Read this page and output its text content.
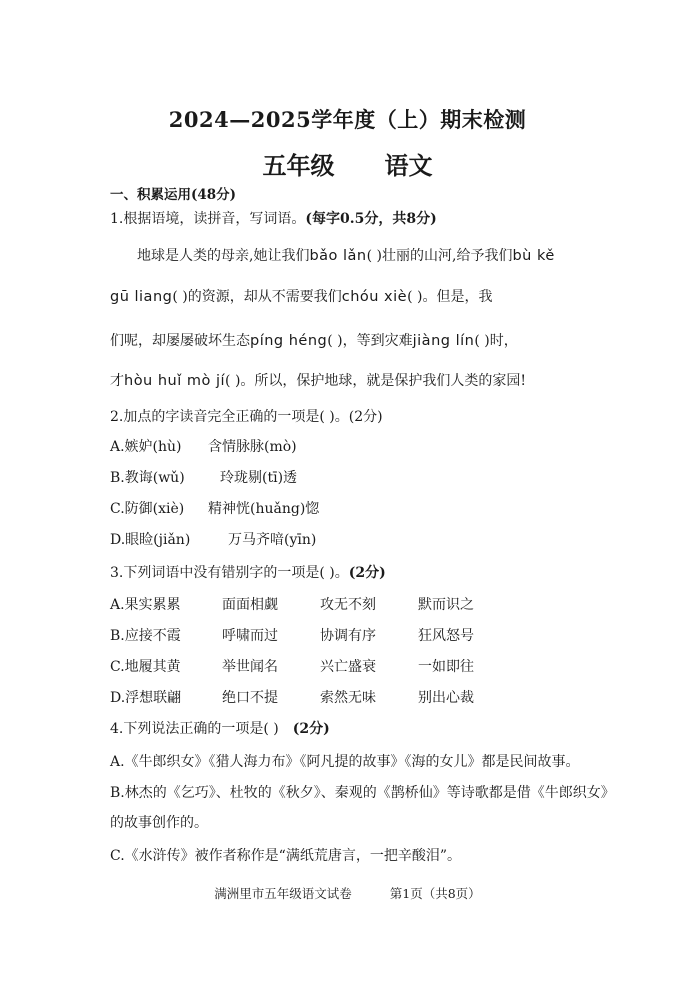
2024—2025学年度（上）期末检测
五年级 语文
一、积累运用(48分)
1.根据语境，读拼音，写词语。(每字0.5分，共8分)
地球是人类的母亲,她让我们bǎo lǎn( )壮丽的山河,给予我们bù kě
gū liang( )的资源，却从不需要我们chóu xiè( )。但是，我
们呢，却屡屡破坏生态píng héng( )，等到灾难jiàng lín( )时，
才hòu huǐ mò jí( )。所以，保护地球，就是保护我们人类的家园!
2.加点的字读音完全正确的一项是( )。(2分)
A.嫉妒(hù) 含情脉脉(mò)
B.教诲(wǔ)	玲珑剔(tī)透
C.防御(xiè) 精神恍(huǎng)惚
D.眼睑(jiǎn)	万马齐喑(yīn)
3.下列词语中没有错别字的一项是( )。(2分)
A.果实累累	面面相觑	攻无不刻	默而识之
B.应接不霞	呼啸而过	协调有序	狂风怒号
C.地履其黄	举世闻名	兴亡盛衰	一如即往
D.浮想联翩	绝口不提	索然无味	别出心裁
4.下列说法正确的一项是( ) (2分)
A.《牛郎织女》《猎人海力布》《阿凡提的故事》《海的女儿》都是民间故事。
B.林杰的《乞巧》、杜牧的《秋夕》、秦观的《鹊桥仙》等诗歌都是借《牛郎织女》
的故事创作的。
C.《水浒传》被作者称作是“满纸荒唐言，一把辛酸泪”。
满洲里市五年级语文试卷	第1页（共8页）
